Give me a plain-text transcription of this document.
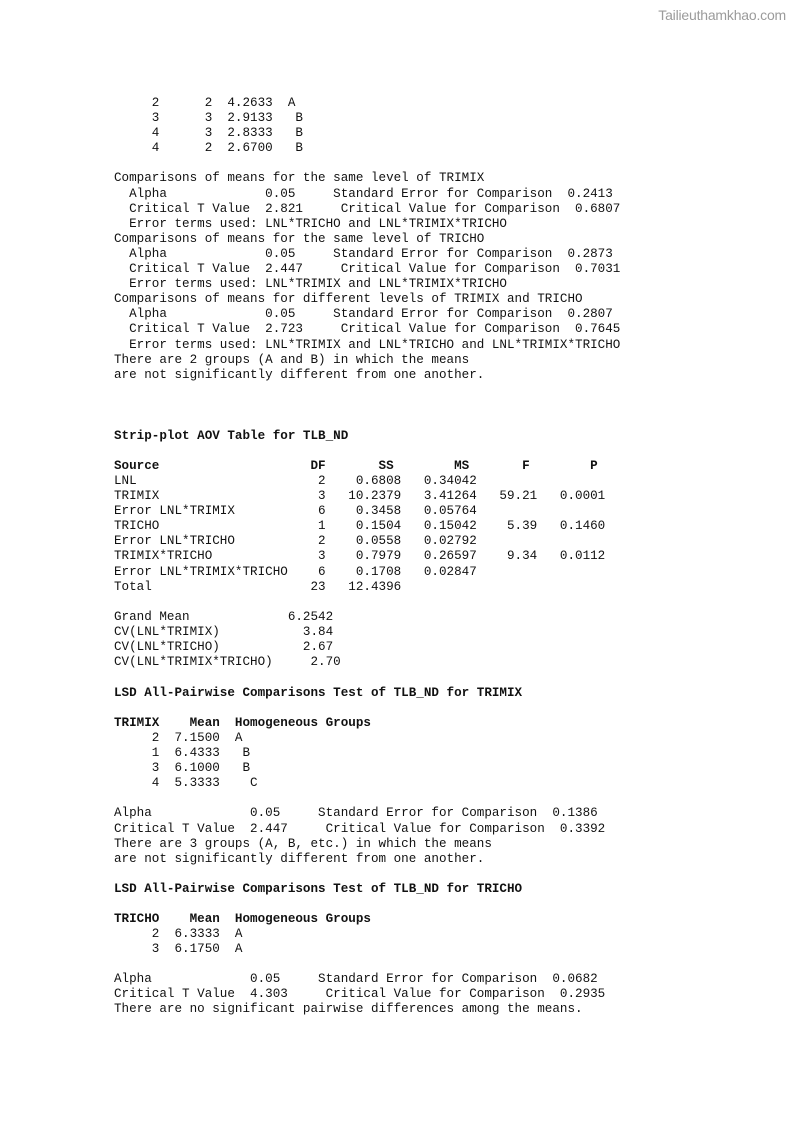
Tailieuthamkhao.com
2      2  4.2633  A
3      3  2.9133   B
4      3  2.8333   B
4      2  2.6700   B

Comparisons of means for the same level of TRIMIX
Alpha             0.05     Standard Error for Comparison  0.2413
Critical T Value  2.821     Critical Value for Comparison  0.6807
Error terms used: LNL*TRICHO and LNL*TRIMIX*TRICHO
Comparisons of means for the same level of TRICHO
Alpha             0.05     Standard Error for Comparison  0.2873
Critical T Value  2.447     Critical Value for Comparison  0.7031
Error terms used: LNL*TRIMIX and LNL*TRIMIX*TRICHO
Comparisons of means for different levels of TRIMIX and TRICHO
Alpha             0.05     Standard Error for Comparison  0.2807
Critical T Value  2.723     Critical Value for Comparison  0.7645
Error terms used: LNL*TRIMIX and LNL*TRICHO and LNL*TRIMIX*TRICHO
There are 2 groups (A and B) in which the means
are not significantly different from one another.
Strip-plot AOV Table for TLB_ND
Source                    DF       SS        MS       F        P
LNL                        2    0.6808   0.34042
TRIMIX                     3   10.2379   3.41264   59.21   0.0001
Error LNL*TRIMIX           6    0.3458   0.05764
TRICHO                     1    0.1504   0.15042    5.39   0.1460
Error LNL*TRICHO           2    0.0558   0.02792
TRIMIX*TRICHO              3    0.7979   0.26597    9.34   0.0112
Error LNL*TRIMIX*TRICHO    6    0.1708   0.02847
Total                     23   12.4396

Grand Mean             6.2542
CV(LNL*TRIMIX)           3.84
CV(LNL*TRICHO)           2.67
CV(LNL*TRIMIX*TRICHO)     2.70
LSD All-Pairwise Comparisons Test of TLB_ND for TRIMIX
TRIMIX    Mean  Homogeneous Groups
2  7.1500  A
1  6.4333   B
3  6.1000   B
4  5.3333    C

Alpha             0.05     Standard Error for Comparison  0.1386
Critical T Value  2.447     Critical Value for Comparison  0.3392
There are 3 groups (A, B, etc.) in which the means
are not significantly different from one another.
LSD All-Pairwise Comparisons Test of TLB_ND for TRICHO
TRICHO    Mean  Homogeneous Groups
2  6.3333  A
3  6.1750  A

Alpha             0.05     Standard Error for Comparison  0.0682
Critical T Value  4.303     Critical Value for Comparison  0.2935
There are no significant pairwise differences among the means.
